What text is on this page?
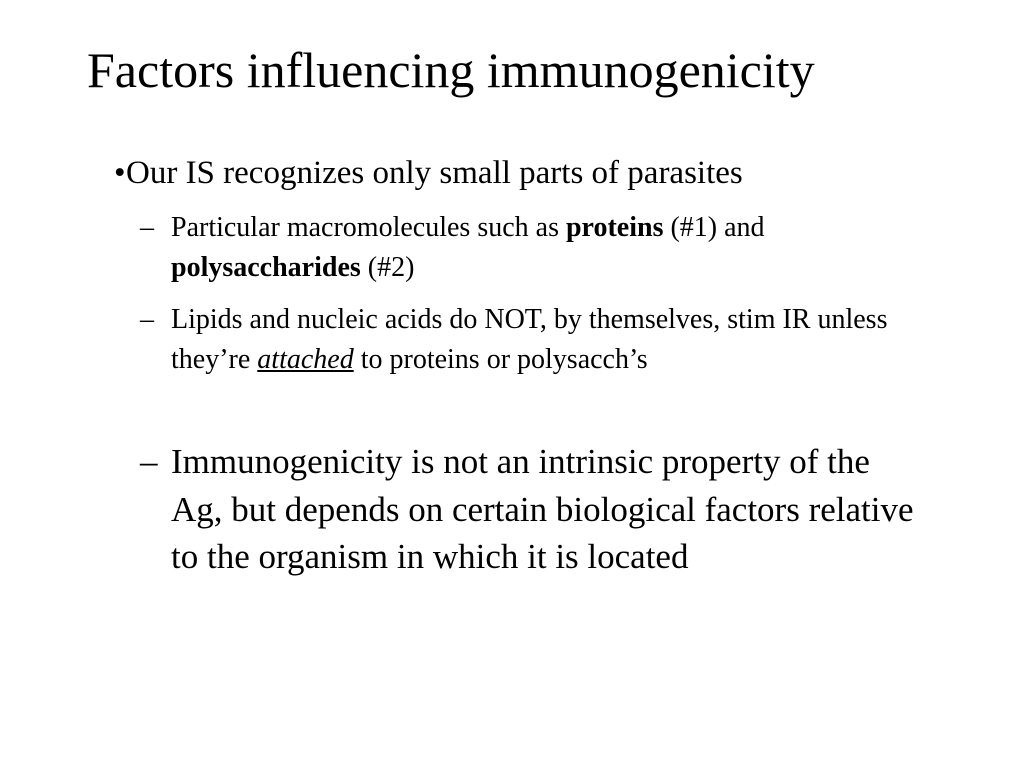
Factors influencing immunogenicity
• Our IS recognizes only small parts of parasites
– Particular macromolecules such as proteins (#1) and polysaccharides (#2)
– Lipids and nucleic acids do NOT, by themselves, stim IR unless they’re attached to proteins or polysacch’s
– Immunogenicity is not an intrinsic property of the Ag, but depends on certain biological factors relative to the organism in which it is located
